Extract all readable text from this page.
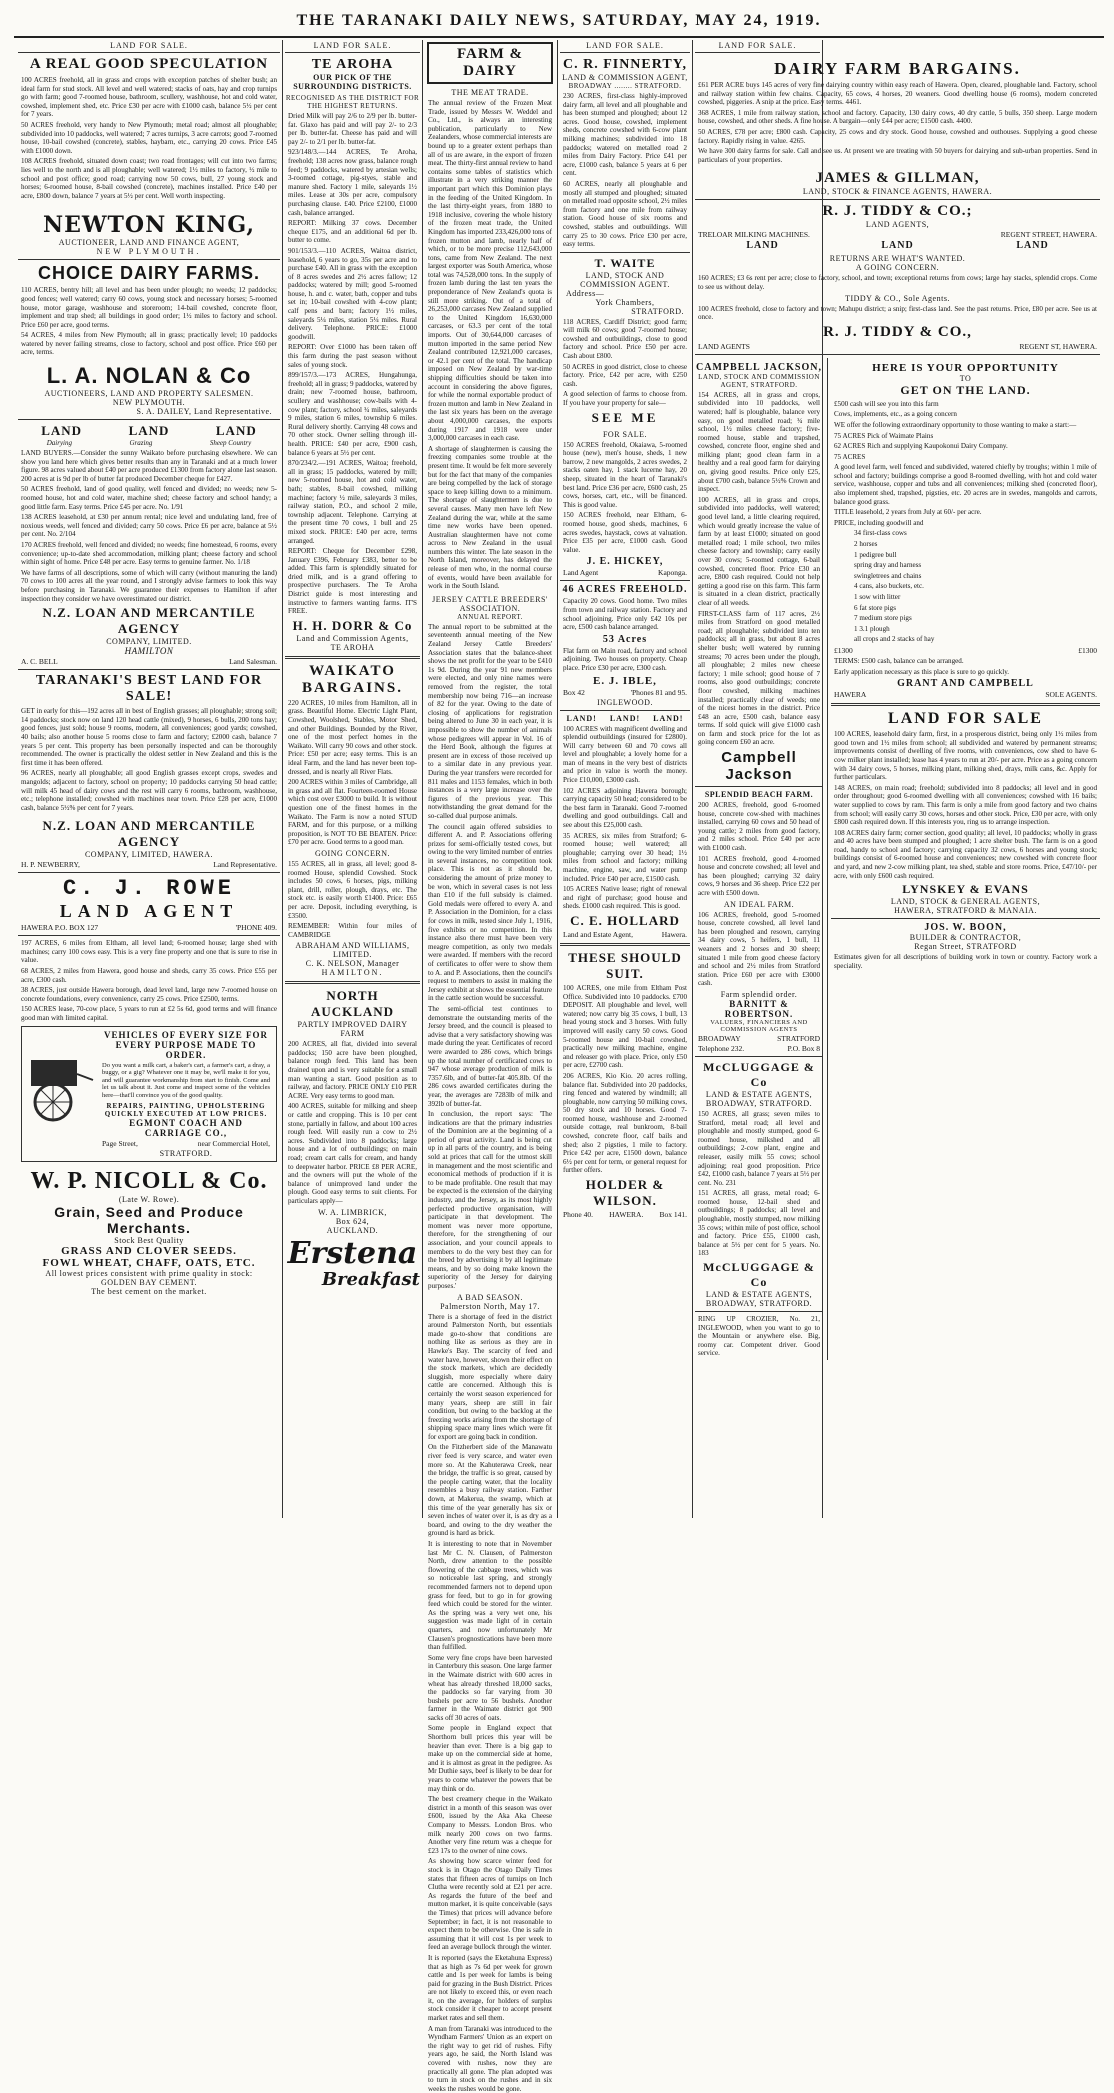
THE TARANAKI DAILY NEWS, SATURDAY, MAY 24, 1919.
LAND FOR SALE.
A REAL GOOD SPECULATION
100 ACRES freehold, all in grass and crops with exception patches of shelter bush; an ideal farm for stud stock. All level and well watered; stacks of oats, hay and crop turnips go with farm; good 7-roomed house, bathroom, scullery, washhouse, hot and cold water, cowshed, implement shed, etc. Price £30 per acre with £1000 cash, balance 5½ per cent for 7 years.
50 ACRES freehold, very handy to New Plymouth; metal road; almost all ploughable; subdivided into 10 paddocks, well watered; 7 acres turnips, 3 acre carrots; good 7-roomed house, 10-bail cowshed (concrete), stables, haybarn, etc., carrying 20 cows. Price £45 with £1000 down.
108 ACRES freehold, situated down coast; two road frontages; will cut into two farms; lies well to the north and is all ploughable; well watered; 1½ miles to factory, ½ mile to school and post office; good road; carrying now 50 cows, bull, 27 young stock and horses; 6-roomed house, 8-bail cowshed (concrete), machines installed. Price £40 per acre, £800 down, balance 7 years at 5½ per cent. Well worth inspecting.
NEWTON KING,
AUCTIONEER, LAND AND FINANCE AGENT,
NEW PLYMOUTH.
CHOICE DAIRY FARMS.
110 ACRES, bentry hill; all level and has been under plough; no weeds; 12 paddocks; good fences; well watered; carry 60 cows, young stock and necessary horses; 5-roomed house, motor garage, washhouse and storeroom; 14-bail cowshed, concrete floor, implement and trap shed; all buildings in good order; 1½ miles to factory and school. Price £60 per acre, good terms.
54 ACRES, 4 miles from New Plymouth; all in grass; practically level; 10 paddocks watered by never failing streams, close to factory, school and post office. Price £60 per acre, terms.
L. A. NOLAN & Co
AUCTIONEERS, LAND AND PROPERTY SALESMEN.
NEW PLYMOUTH.
S. A. DAILEY, Land Representative.
LAND	LAND	LAND
Dairying	Grazing	Sheep Country
LAND BUYERS.—Consider the sunny Waikato before purchasing elsewhere. We can show you land here which gives better results than any in Taranaki and at a much lower figure. 98 acres valued about £40 per acre produced £1300 from factory alone last season. 200 acres at is 9d per lb of butter fat produced December cheque for £427.
50 ACRES freehold, land of good quality, well fenced and divided; no weeds; new 5-roomed house, hot and cold water, machine shed; cheese factory and school handy; a good little farm. Easy terms. Price £45 per acre. No. 1/91
138 ACRES leasehold, at £30 per annum rental; nice level and undulating land, free of noxious weeds, well fenced and divided; carry 50 cows. Price £6 per acre, balance at 5½ per cent. No. 2/104
170 ACRES freehold, well fenced and divided; no weeds; fine homestead, 6 rooms, every convenience; up-to-date shed accommodation, milking plant; cheese factory and school within sight of home. Price £48 per acre. Easy terms to genuine farmer. No. 1/18
We have farms of all descriptions, some of which will carry (without manuring the land) 70 cows to 100 acres all the year round, and I strongly advise farmers to look this way before purchasing in Taranaki. We guarantee their expenses to Hamilton if after inspection they consider we have overestimated our district.
N.Z. LOAN AND MERCANTILE AGENCY
COMPANY, LIMITED.
HAMILTON
A. C. BELL	Land Salesman.
TARANAKI'S BEST LAND FOR SALE!
GET in early for this—192 acres all in best of English grasses; all ploughable; strong soil; 14 paddocks; stock now on land 120 head cattle (mixed), 9 horses, 6 bulls, 200 tons hay; good fences, just sold; house 9 rooms, modern, all conveniences; good yards; cowshed, 40 bails; also another house 5 rooms close to farm and factory; £2000 cash, balance 7 years 5 per cent. This property has been personally inspected and can be thoroughly recommended. The owner is practically the oldest settler in New Zealand and this is the first time it has been offered.
96 ACRES, nearly all ploughable; all good English grasses except crops, swedes and mangolds; adjacent to factory, school on property; 10 paddocks carrying 50 head cattle; will milk 45 head of dairy cows and the rest will carry 6 rooms, bathroom, washhouse, etc.; telephone installed; cowshed with machines near town. Price £28 per acre, £1000 cash, balance 5½% per cent for 7 years.
N.Z. LOAN AND MERCANTILE AGENCY
COMPANY, LIMITED, HAWERA.
H. P. NEWBERRY,	Land Representative.
C. J. ROWE
LAND AGENT
HAWERA P.O. BOX 127	'PHONE 409.
197 ACRES, 6 miles from Eltham, all level land; 6-roomed house; large shed with machines; carry 100 cows easy. This is a very fine property and one that is sure to rise in value.
68 ACRES, 2 miles from Hawera, good house and sheds, carry 35 cows. Price £55 per acre, £300 cash.
38 ACRES, just outside Hawera borough, dead level land, large new 7-roomed house on concrete foundations, every convenience, carry 25 cows. Price £2500, terms.
150 ACRES lease, 70-cow place, 5 years to run at £2 5s 6d, good terms and will finance good man with limited capital.
VEHICLES OF EVERY SIZE FOR EVERY PURPOSE MADE TO ORDER.
Do you want a milk cart, a baker's cart, a farmer's cart, a dray, a buggy, or a gig? Whatever one it may be, we'll make it for you, and will guarantee workmanship from start to finish. Come and let us talk about it. Just come and inspect some of the vehicles here—that'll convince you of the good quality.
REPAIRS, PAINTING, UPHOLSTERING QUICKLY EXECUTED AT LOW PRICES.
EGMONT COACH AND CARRIAGE CO.,
Page Street,	near Commercial Hotel,
STRATFORD.
W. P. NICOLL & Co.
(Late W. Rowe).
Grain, Seed and Produce Merchants.
Stock Best Quality
GRASS AND CLOVER SEEDS.
FOWL WHEAT, CHAFF, OATS, ETC.
All lowest prices consistent with prime quality in stock:
GOLDEN BAY CEMENT.
The best cement on the market.
LAND FOR SALE.
TE AROHA
OUR PICK OF THE SURROUNDING DISTRICTS.
RECOGNISED AS THE DISTRICT FOR THE HIGHEST RETURNS.
Dried Milk will pay 2/6 to 2/9 per lb. butter-fat. Glaxo has paid and will pay 2/- to 2/3 per lb. butter-fat. Cheese has paid and will pay 2/- to 2/1 per lb. butter-fat.
923/148/3.—144 ACRES, Te Aroha, freehold; 138 acres now grass, balance rough feed; 9 paddocks, watered by artesian wells; 3-roomed cottage, pig-styes, stable and manure shed. Factory 1 mile, saleyards 1½ miles. Lease at 30s per acre, compulsory purchasing clause. £40. Price £2100, £1000 cash, balance arranged.
REPORT: Milking 37 cows. December cheque £175, and an additional 6d per lb. butter to come.
901/153/3.—110 ACRES, Waitoa district, leasehold, 6 years to go, 35s per acre and to purchase £40. All in grass with the exception of 8 acres swedes and 2½ acres fallow; 12 paddocks; watered by mill; good 5-roomed house, h. and c. water, bath, copper and tubs set in; 10-bail cowshed with 4-cow plant; calf pens and barn; factory 1½ miles, saleyards 5¼ miles, station 5¼ miles. Rural delivery. Telephone. PRICE: £1000 goodwill.
REPORT: Over £1000 has been taken off this farm during the past season without sales of young stock.
899/157/3.—173 ACRES, Hungahunga, freehold; all in grass; 9 paddocks, watered by drain; new 7-roomed house, bathroom, scullery and washhouse; cow-bails with 4-cow plant; factory, school ¾ miles, saleyards 9 miles, station 6 miles, township 6 miles. Rural delivery shortly. Carrying 48 cows and 70 other stock. Owner selling through ill-health. PRICE: £40 per acre, £900 cash, balance 6 years at 5½ per cent.
870/234/2.—191 ACRES, Waitoa; freehold, all in grass; 15 paddocks, watered by mill; new 5-roomed house, hot and cold water, bath; stables, 8-bail cowshed, milking machine; factory ½ mile, saleyards 3 miles, railway station, P.O., and school 2 mile, township adjacent. Telephone. Carrying at the present time 70 cows, 1 bull and 25 mixed stock. PRICE: £40 per acre, terms arranged.
REPORT: Cheque for December £298, January £396, February £383, better to be added. This farm is splendidly situated for dried milk, and is a grand offering to prospective purchasers. The Te Aroha District guide is most interesting and instructive to farmers wanting farms. IT'S FREE.
H. H. DORR & Co
Land and Commission Agents,
TE AROHA
WAIKATO BARGAINS.
220 ACRES, 10 miles from Hamilton, all in grass. Beautiful Home. Electric Light Plant, Cowshed, Woolshed, Stables, Motor Shed, and other Buildings. Bounded by the River, one of the most perfect homes in the Waikato. Will carry 90 cows and other stock. Price: £50 per acre; easy terms. This is an ideal Farm, and the land has never been top-dressed, and is nearly all River Flats.
200 ACRES within 3 miles of Cambridge, all in grass and all flat. Fourteen-roomed House which cost over £3000 to build. It is without question one of the finest homes in the Waikato. The Farm is now a noted STUD FARM, and for this purpose, or a milking proposition, is NOT TO BE BEATEN. Price: £70 per acre. Good terms to a good man.
GOING CONCERN.
155 ACRES, all in grass, all level; good 8-roomed House, splendid Cowshed. Stock includes 50 cows, 6 horses, pigs, milking plant, drill, roller, plough, drays, etc. The stock etc. is easily worth £1400. Price: £65 per acre. Deposit, including everything, is £3500.
REMEMBER: Within four miles of CAMBRIDGE
ABRAHAM AND WILLIAMS, LIMITED.
C. K. NELSON, Manager
HAMILTON.
NORTH AUCKLAND
PARTLY IMPROVED DAIRY FARM
200 ACRES, all flat, divided into several paddocks; 150 acre have been ploughed, balance rough feed. This land has been drained upon and is very suitable for a small man wanting a start. Good position as to railway, and factory. PRICE ONLY £10 PER ACRE. Very easy terms to good man.
400 ACRES, suitable for milking and sheep or cattle and cropping. This is 10 per cent stone, partially in fallow, and about 100 acres rough feed. Will easily run a cow to 2½ acres. Subdivided into 8 paddocks; large house and a lot of outbuildings; on main road; cream cart calls for cream, and handy to deepwater harbor. PRICE £8 PER ACRE, and the owners will put the whole of the balance of unimproved land under the plough. Good easy terms to suit clients. For particulars apply—
W. A. LIMBRICK,
Box 624,
AUCKLAND.
Erstena
Breakfast
FARM & DAIRY
THE MEAT TRADE.
The annual review of the Frozen Meat Trade, issued by Messrs W. Weddel and Co., Ltd., is always an interesting publication, particularly to New Zealanders, whose commercial interests are bound up to a greater extent perhaps than all of us are aware, in the export of frozen meat. The thirty-first annual review to hand contains some tables of statistics which illustrate in a very striking manner the important part which this Dominion plays in the feeding of the United Kingdom. In the last thirty-eight years, from 1880 to 1918 inclusive, covering the whole history of the frozen meat trade, the United Kingdom has imported 233,426,000 tons of frozen mutton and lamb, nearly half of which, or to be more precise 112,643,000 tons, came from New Zealand. The next largest exporter was South America, whose total was 74,528,000 tons. In the supply of frozen lamb during the last ten years the preponderance of New Zealand's quota is still more striking. Out of a total of 26,253,000 carcases New Zealand supplied to the United Kingdom 16,630,000 carcases, or 63.3 per cent of the total imports. Out of 30,644,000 carcases of mutton imported in the same period New Zealand contributed 12,921,000 carcases, or 42.1 per cent of the total. The handicap imposed on New Zealand by war-time shipping difficulties should be taken into account in considering the above figures, for while the normal exportable product of frozen mutton and lamb in New Zealand in the last six years has been on the average about 4,000,000 carcases, the exports during 1917 and 1918 were under 3,000,000 carcases in each case.
A shortage of slaughtermen is causing the freezing companies some trouble at the present time. It would be felt more severely but for the fact that many of the companies are being compelled by the lack of storage space to keep killing down to a minimum. The shortage of slaughtermen is due to several causes. Many men have left New Zealand during the war, while at the same time new works have been opened. Australian slaughtermen have not come across to New Zealand in the usual numbers this winter. The late season in the North Island, moreover, has delayed the release of men who, in the normal course of events, would have been available for work in the South Island.
JERSEY CATTLE BREEDERS' ASSOCIATION.
ANNUAL REPORT.
The annual report to be submitted at the seventeenth annual meeting of the New Zealand Jersey Cattle Breeders' Association states that the balance-sheet shows the net profit for the year to be £410 1s 9d. During the year 91 new members were elected, and only nine names were removed from the register, the total membership now being 716—an increase of 82 for the year. Owing to the date of closing of applications for registration being altered to June 30 in each year, it is impossible to show the number of animals whose pedigrees will appear in Vol. 16 of the Herd Book, although the figures at present are in excess of those received up to a similar date in any previous year. During the year transfers were recorded for 811 males and 1153 females, which in both instances is a very large increase over the figures of the previous year. This notwithstanding the great demand for the so-called dual purpose animals.
The council again offered subsidies to different A. and P. Associations offering prizes for semi-officially tested cows, but owing to the very limited number of entries in several instances, no competition took place. This is not as it should be, considering the amount of prize money to be won, which in several cases is not less than £10 if the full subsidy is claimed. Gold medals were offered to every A. and P. Association in the Dominion, for a class for cows in milk, tested since July 1, 1916, five exhibits or no competition. In this instance also there must have been very meagre competition, as only two medals were awarded. If members with the record of certificates to offer were to show them to A. and P. Associations, then the council's request to members to assist in making the Jersey exhibit at shows the essential feature in the cattle section would be successful.
The semi-official test continues to demonstrate the outstanding merits of the Jersey breed, and the council is pleased to advise that a very satisfactory showing was made during the year. Certificates of record were awarded to 286 cows, which brings up the total number of certificated cows to 947 whose average production of milk is 7357.6lb, and of butter-fat 405.8lb. Of the 286 cows awarded certificates during the year, the averages are 7283lb of milk and 392lb of butter-fat.
In conclusion, the report says: 'The indications are that the primary industries of the Dominion are at the beginning of a period of great activity. Land is being cut up in all parts of the country, and is being sold at prices that call for the utmost skill in management and the most scientific and economical methods of production if it is to be made profitable. One result that may be expected is the extension of the dairying industry, and the Jersey, as its most highly perfected productive organisation, will participate in that development. The moment was never more opportune, therefore, for the strengthening of our association, and your council appeals to members to do the very best they can for the breed by advertising it by all legitimate means, and by so doing make known the superiority of the Jersey for dairying purposes.'
A BAD SEASON.
Palmerston North, May 17.
There is a shortage of feed in the district around Palmerston North, but essentials made go-to-show that conditions are nothing like as serious as they are in Hawke's Bay. The scarcity of feed and water have, however, shown their effect on the stock markets, which are decidedly sluggish, more especially where dairy cattle are concerned. Although this is certainly the worst season experienced for many years, sheep are still in fair condition, but owing to the backlog at the freezing works arising from the shortage of shipping space many lines which were fit for export are going back in condition.
On the Fitzherbert side of the Manawatu river feed is very scarce, and water even more so. At the Kahuterawa Creek, near the bridge, the traffic is so great, caused by the people carting water, that the locality resembles a busy railway station. Farther down, at Makerua, the swamp, which at this time of the year generally has six or seven inches of water over it, is as dry as a board, and owing to the dry weather the ground is hard as brick.
It is interesting to note that in November last Mr C. N. Clausen, of Palmerston North, drew attention to the possible flowering of the cabbage trees, which was so noticeable last spring, and strongly recommended farmers not to depend upon grass for feed, but to go in for growing feed which could be stored for the winter. As the spring was a very wet one, his suggestion was made light of in certain quarters, and now unfortunately Mr Clausen's prognostications have been more than fulfilled.
Some very fine crops have been harvested in Canterbury this season. One large farmer in the Waimate district with 600 acres in wheat has already threshed 18,000 sacks, the paddocks so far varying from 30 bushels per acre to 56 bushels. Another farmer in the Waimate district got 900 sacks off 30 acres of oats.
Some people in England expect that Shorthorn bull prices this year will be heavier than ever. There is a big gap to make up on the commercial side at home, and it is almost as great in the pedigree. As Mr Duthie says, beef is likely to be dear for years to come whatever the powers that be may think or do.
The best creamery cheque in the Waikato district in a month of this season was over £600, issued by the Aka Aka Cheese Company to Messrs. London Bros. who milk nearly 200 cows on two farms. Another very fine return was a cheque for £23 17s to the owner of nine cows.
As showing how scarce winter feed for stock is in Otago the Otago Daily Times states that fifteen acres of turnips on Inch Clutha were recently sold at £21 per acre. As regards the future of the beef and mutton market, it is quite conceivable (says the Times) that prices will advance before September; in fact, it is not reasonable to expect them to be otherwise. One is safe in assuming that it will cost 1s per week to feed an average bullock through the winter.
It is reported (says the Eketahuna Express) that as high as 7s 6d per week for grown cattle and 1s per week for lambs is being paid for grazing in the Bush District. Prices are not likely to exceed this, or even reach it, on the average, for holders of surplus stock consider it cheaper to accept present market rates and sell them.
A man from Taranaki was introduced to the Wyndham Farmers' Union as an expert on the right way to get rid of rushes. Fifty years ago, he said, the North Island was covered with rushes, now they are practically all gone. The plan adopted was to turn in stock on the rushes and in six weeks the rushes would be gone.
LAND FOR SALE.
C. R. FINNERTY,
LAND & COMMISSION AGENT,
BROADWAY ........ STRATFORD.
230 ACRES, first-class highly-improved dairy farm, all level and all ploughable and has been stumped and ploughed; about 12 acres. Good house, cowshed, implement sheds, concrete cowshed with 6-cow plant milking machines; subdivided into 18 paddocks; watered on metalled road 2 miles from Dairy Factory. Price £41 per acre, £1000 cash, balance 5 years at 6 per cent.
60 ACRES, nearly all ploughable and mostly all stumped and ploughed; situated on metalled road opposite school, 2½ miles from factory and one mile from railway station. Good house of six rooms and cowshed, stables and outbuildings. Will carry 25 to 30 cows. Price £30 per acre, easy terms.
T. WAITE
LAND, STOCK AND COMMISSION AGENT.
Address—
York Chambers,
STRATFORD.
118 ACRES, Cardiff District; good farm; will milk 60 cows; good 7-roomed house; cowshed and outbuildings, close to good factory and school. Price £50 per acre. Cash about £800.
50 ACRES in good district, close to cheese factory. Price, £42 per acre, with £250 cash.
A good selection of farms to choose from. If you have your property for sale—
SEE ME
FOR SALE.
150 ACRES freehold, Okaiawa, 5-roomed house (new), men's house, sheds, 1 new barrow, 2 new mangolds, 2 acres swedes, 2 stacks oaten hay, 1 stack lucerne hay, 20 sheep, situated in the heart of Taranaki's best land. Price £36 per acre, £600 cash, 25 cows, horses, cart, etc., will be financed. This is good value.
150 ACRES freehold, near Eltham, 6-roomed house, good sheds, machines, 6 acres swedes, haystack, cows at valuation. Price £35 per acre, £1000 cash. Good value.
J. E. HICKEY,
Land Agent	Kaponga.
46 ACRES FREEHOLD.
Capacity 20 cows. Good home. Two miles from town and railway station. Factory and school adjoining. Price only £42 10s per acre, £500 cash balance arranged.
53 Acres
Flat farm on Main road, factory and school adjoining. Two houses on property. Cheap place. Price £30 per acre, £300 cash.
E. J. IBLE,
Box 42	'Phones 81 and 95.
INGLEWOOD.
LAND! LAND! LAND!
100 ACRES with magnificent dwelling and splendid outbuildings (insured for £2800). Will carry between 60 and 70 cows all level and ploughable; a lovely home for a man of means in the very best of districts and price in value is worth the money. Price £10,000, £3000 cash.
102 ACRES adjoining Hawera borough; carrying capacity 50 head; considered to be the best farm in Taranaki. Good 7-roomed dwelling and good outbuildings. Call and see about this £25,000 cash.
35 ACRES, six miles from Stratford; 6-roomed house; well watered; all ploughable; carrying over 30 head; 1½ miles from school and factory; milking machine, engine, saw, and water pump included. Price £40 per acre, £1500 cash.
105 ACRES Native lease; right of renewal and right of purchase; good house and sheds. £1000 cash required. This is good.
C. E. HOLLARD
Land and Estate Agent,	Hawera.
THESE SHOULD SUIT.
100 ACRES, one mile from Eltham Post Office. Subdivided into 10 paddocks. £700 DEPOSIT. All ploughable and level, well watered; now carry big 35 cows, 1 bull, 13 head young stock and 3 horses. With fully improved will easily carry 50 cows. Good 5-roomed house and 10-bail cowshed, practically new milking machine, engine and releaser go with place. Price, only £50 per acre, £2700 cash.
206 ACRES, Kio Kio. 20 acres rolling, balance flat. Subdivided into 20 paddocks, ring fenced and watered by windmill; all ploughable, now carrying 50 milking cows, 50 dry stock and 10 horses. Good 7-roomed house, washhouse and 2-roomed outside cottage, real bunkroom, 8-bail cowshed, concrete floor, calf bails and shed; also 2 pigsties, 1 mile to factory. Price £42 per acre, £1500 down, balance 6½ per cent for term, or general request for further offers.
HOLDER & WILSON.
Phone 40. HAWERA. Box 141.
LAND FOR SALE.
DAIRY FARM BARGAINS.
£61 PER ACRE buys 145 acres of very fine dairying country within easy reach of Hawera. Open, cleared, ploughable land. Factory, school and railway station within few chains. Capacity, 65 cows, 4 horses, 20 weaners. Good dwelling house (6 rooms), modern concreted cowshed, piggeries. A snip at the price. Easy terms. 4461.
368 ACRES, 1 mile from railway station, school and factory. Capacity, 130 dairy cows, 40 dry cattle, 5 bulls, 350 sheep. Large modern house, cowshed, and other sheds. A fine house. A bargain—only £44 per acre; £1500 cash. 4400.
50 ACRES, £78 per acre; £800 cash. Capacity, 25 cows and dry stock. Good house, cowshed and outhouses. Supplying a good cheese factory. Rapidly rising in value. 4265.
We have 300 dairy farms for sale. Call and see us. At present we are treating with 50 buyers for dairying and sub-urban properties. Send in particulars of your properties.
JAMES & GILLMAN,
LAND, STOCK & FINANCE AGENTS, HAWERA.
R. J. TIDDY & CO.;
LAND AGENTS,
TRELOAR MILKING MACHINES.	REGENT STREET, HAWERA.
LAND	LAND	LAND
RETURNS ARE WHAT'S WANTED.
A GOING CONCERN.
160 ACRES; £3 6s rent per acre; close to factory, school, and town; exceptional returns from cows; large hay stacks, splendid crops. Come to see us without delay.
TIDDY & CO., Sole Agents.
100 ACRES freehold, close to factory and town; Mahupu district; a snip; first-class land. See the past returns. Price, £80 per acre. See us at once.
R. J. TIDDY & CO.,
LAND AGENTS	REGENT ST, HAWERA.
CAMPBELL JACKSON,
LAND, STOCK AND COMMISSION AGENT, STRATFORD.
154 ACRES, all in grass and crops, subdivided into 10 paddocks, well watered; half is ploughable, balance very easy, on good metalled road; ¾ mile school, 1½ miles cheese factory; five-roomed house, stable and trapshed, cowshed, concrete floor, engine shed and milking plant; good clean farm in a healthy and a real good farm for dairying on, giving good results. Price only £25, about £700 cash, balance 5½% Crown and inspect.
100 ACRES, all in grass and crops, subdivided into paddocks, well watered; good level land, a little clearing required, which would greatly increase the value of farm by at least £1000; situated on good metalled road; 1 mile school, two miles cheese factory and township; carry easily over 30 cows; 5-roomed cottage, 6-bail cowshed, concreted floor. Price £30 an acre, £800 cash required. Could not help getting a good rise on this farm. This farm is situated in a clean district, practically clear of all weeds.
FIRST-CLASS farm of 117 acres, 2½ miles from Stratford on good metalled road; all ploughable; subdivided into ten paddocks; all in grass, but about 8 acres shelter bush; well watered by running streams; 70 acres been under the plough, all ploughable; 2 miles new cheese factory; 1 mile school; good house of 7 rooms, also good outbuildings; concrete floor cowshed, milking machines installed; practically clear of weeds; one of the nicest homes in the district. Price £48 an acre, £500 cash, balance easy terms. If sold quick will give £1000 cash on farm and stock price for the lot as going concern £60 an acre.
Campbell Jackson
SPLENDID BEACH FARM.
200 ACRES, freehold, good 6-roomed house, concrete cow-shed with machines installed, carrying 60 cows and 50 head of young cattle; 2 miles from good factory, and 2 miles school. Price £40 per acre with £1000 cash.
101 ACRES freehold, good 4-roomed house and concrete cowshed; all level and has been ploughed; carrying 32 dairy cows, 9 horses and 36 sheep. Price £22 per acre with £500 down.
AN IDEAL FARM.
106 ACRES, freehold, good 5-roomed house, concrete cowshed, all level land has been ploughed and resown, carrying 34 dairy cows, 5 heifers, 1 bull, 11 weaners and 2 horses and 30 sheep; situated 1 mile from good cheese factory and school and 2½ miles from Stratford station. Price £60 per acre with £3000 cash.
Farm splendid order.
BARNITT & ROBERTSON.
VALUERS, FINANCIERS AND COMMISSION AGENTS
BROADWAY	STRATFORD
Telephone 232.	P.O. Box 8
McCLUGGAGE & Co
LAND & ESTATE AGENTS,
BROADWAY, STRATFORD.
150 ACRES, all grass; seven miles to Stratford, metal road; all level and ploughable and mostly stumped, good 6-roomed house, milkshed and all outbuildings; 2-cow plant, engine and releaser, easily milk 55 cows; school adjoining; real good proposition. Price £42, £1000 cash, balance 7 years at 5½ per cent. No. 231
151 ACRES, all grass, metal road; 6-roomed house, 12-bail shed and outbuildings; 8 paddocks; all level and ploughable, mostly stumped, now milking 35 cows; within mile of post office, school and factory. Price £55, £1000 cash, balance at 5½ per cent for 5 years. No. 183
McCLUGGAGE & Co
LAND & ESTATE AGENTS,
BROADWAY, STRATFORD.
RING UP CROZIER, No. 21, INGLEWOOD, when you want to go to the Mountain or anywhere else. Big, roomy car. Competent driver. Good service.
HERE IS YOUR OPPORTUNITY
TO
GET ON THE LAND.
£500 cash will see you into this farm
Cows, implements, etc., as a going concern
WE offer the following extraordinary opportunity to those wanting to make a start:—
75 ACRES Pick of Waimate Plains
62 ACRES Rich and supplying Kaupokonui Dairy Company.
75 ACRES
A good level farm, well fenced and subdivided, watered chiefly by troughs; within 1 mile of school and factory; buildings comprise a good 8-roomed dwelling, with hot and cold water service, washhouse, copper and tubs and all conveniences; milking shed (concreted floor), also implement shed, trapshed, pigsties, etc. 20 acres are in swedes, mangolds and carrots, balance good grass.
TITLE leasehold, 2 years from July at 60/- per acre.
PRICE, including goodwill and
34 first-class cows
2 horses
1 pedigree bull
spring dray and harness
swingletrees and chains
4 cans, also buckets, etc.
1 sow with litter
6 fat store pigs
7 medium store pigs
1 3.1 plough
all crops and 2 stacks of hay
£1300	£1300
TERMS: £500 cash, balance can be arranged.
Early application necessary as this place is sure to go quickly.
GRANT AND CAMPBELL
HAWERA	SOLE AGENTS.
LAND FOR SALE
100 ACRES, leasehold dairy farm, first, in a prosperous district, being only 1½ miles from good town and 1½ miles from school; all subdivided and watered by permanent streams; improvements consist of dwelling of five rooms, with conveniences, cow shed to have 6-cow milker plant installed; lease has 4 years to run at 20/- per acre. Price as a going concern with 34 dairy cows, 5 horses, milking plant, milking shed, drays, milk cans, &c. Apply for further particulars.
148 ACRES, on main road; freehold; subdivided into 8 paddocks; all level and in good order throughout; good 6-roomed dwelling with all conveniences; cowshed with 16 bails; water supplied to cows by ram. This farm is only a mile from good factory and two chains from school; will easily carry 30 cows, horses and other stock. Price, £30 per acre, with only £800 cash required down. If this interests you, ring us to arrange inspection.
108 ACRES dairy farm; corner section, good quality; all level, 10 paddocks; wholly in grass and 40 acres have been stumped and ploughed; 1 acre shelter bush. The farm is on a good road, handy to school and factory; carrying capacity 32 cows, 6 horses and young stock; buildings consist of 6-roomed house and conveniences; new cowshed with concrete floor and yard, and new 2-cow milking plant, tea shed, stable and store rooms. Price, £47/10/- per acre, with only £600 cash required.
LYNSKEY & EVANS
LAND, STOCK & GENERAL AGENTS,
HAWERA, STRATFORD & MANAIA.
JOS. W. BOON,
BUILDER & CONTRACTOR,
Regan Street, STRATFORD
Estimates given for all descriptions of building work in town or country. Factory work a speciality.
